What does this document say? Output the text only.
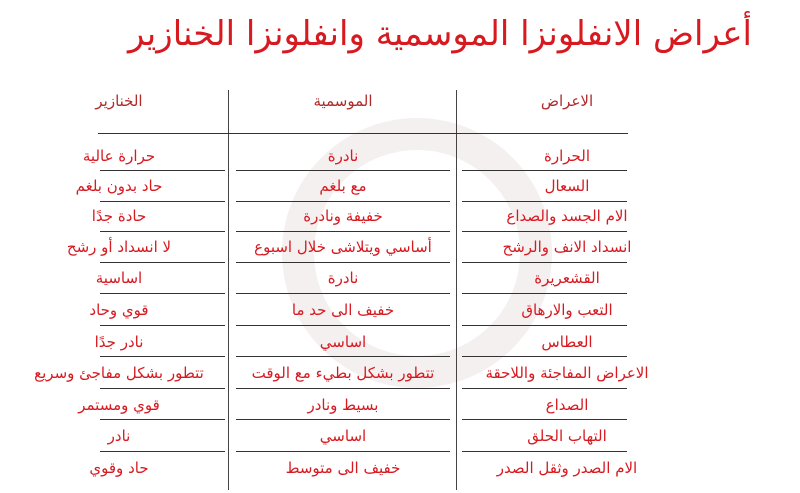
أعراض الانفلونزا الموسمية وانفلونزا الخنازير
الاعراض
الموسمية
الخنازير
الحرارة
نادرة
حرارة عالية
السعال
مع بلغم
حاد بدون بلغم
الام الجسد والصداع
خفيفة ونادرة
حادة جدًا
انسداد الانف والرشح
أساسي ويتلاشى خلال اسبوع
لا انسداد أو رشح
القشعريرة
نادرة
اساسية
التعب والارهاق
خفيف الى حد ما
قوي وحاد
العطاس
اساسي
نادر جدًا
الاعراض المفاجئة واللاحقة
تتطور بشكل بطيء مع الوقت
تتطور بشكل مفاجئ وسريع
الصداع
بسيط ونادر
قوي ومستمر
التهاب الحلق
اساسي
نادر
الام الصدر وثقل الصدر
خفيف الى متوسط
حاد وقوي
